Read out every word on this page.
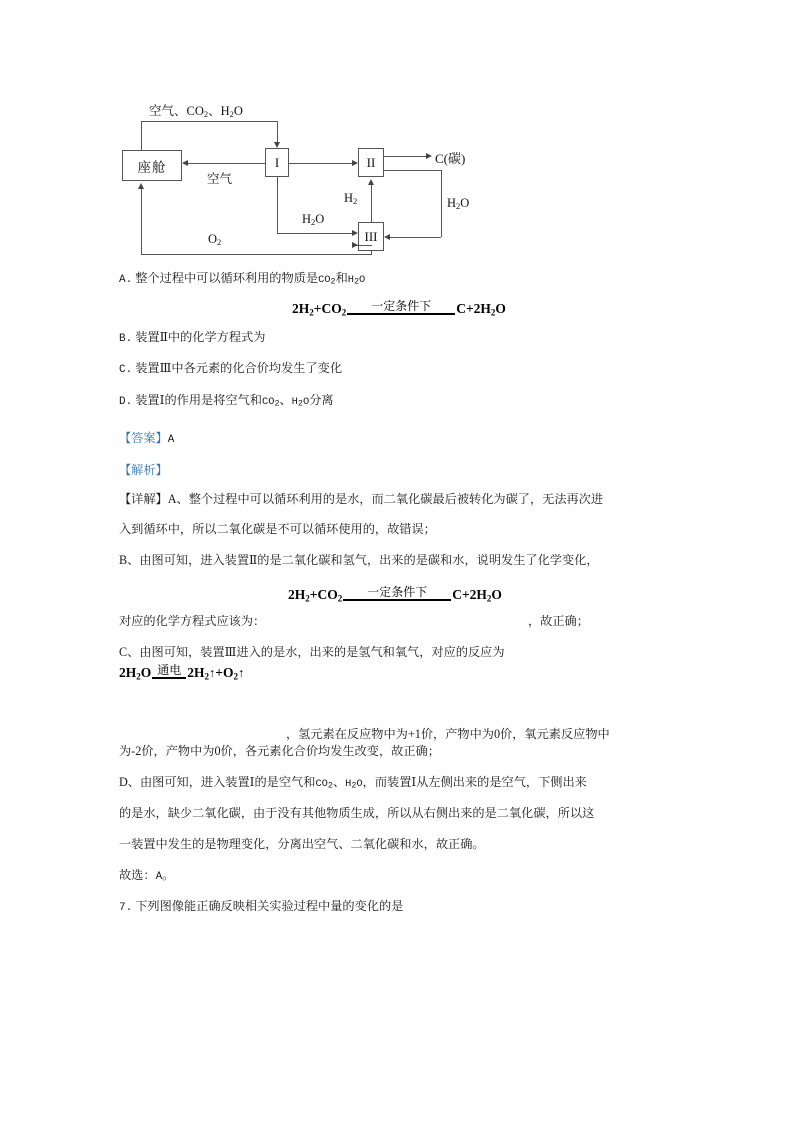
座舱	I	II
III
空气、$CO_2$、$H_2O$
空气
C(碳)
$H_2O$
$H_2$
$H_2O$
$O_2$
A. 整个过程中可以循环利用的物质是$CO_2$和$H_2O$
$2H_2+CO_2$ 一定条件下 $C+2H_2O$
B. 装置Ⅱ中的化学方程式为
C. 装置Ⅲ中各元素的化合价均发生了变化
D. 装置Ⅰ的作用是将空气和$CO_2$、$H_2O$分离
【答案】A
【解析】
【详解】A、整个过程中可以循环利用的是水，而二氧化碳最后被转化为碳了，无法再次进
入到循环中，所以二氧化碳是不可以循环使用的，故错误；
B、由图可知，进入装置Ⅱ的是二氧化碳和氢气，出来的是碳和水，说明发生了化学变化，
$2H_2+CO_2$ 一定条件下 $C+2H_2O$
对应的化学方程式应该为：	，故正确；
C、由图可知，装置Ⅲ进入的是水，出来的是氢气和氧气，对应的反应为
$2H_2O$ 通电 $2H_2↑+O_2↑$
，氢元素在反应物中为+1价，产物中为0价，氧元素反应物中
为-2价，产物中为0价，各元素化合价均发生改变，故正确；
D、由图可知，进入装置Ⅰ的是空气和$CO_2$、$H_2O$，而装置Ⅰ从左侧出来的是空气，下侧出来
的是水，缺少二氧化碳，由于没有其他物质生成，所以从右侧出来的是二氧化碳，所以这
一装置中发生的是物理变化，分离出空气、二氧化碳和水，故正确。
故选：A。
7. 下列图像能正确反映相关实验过程中量的变化的是
